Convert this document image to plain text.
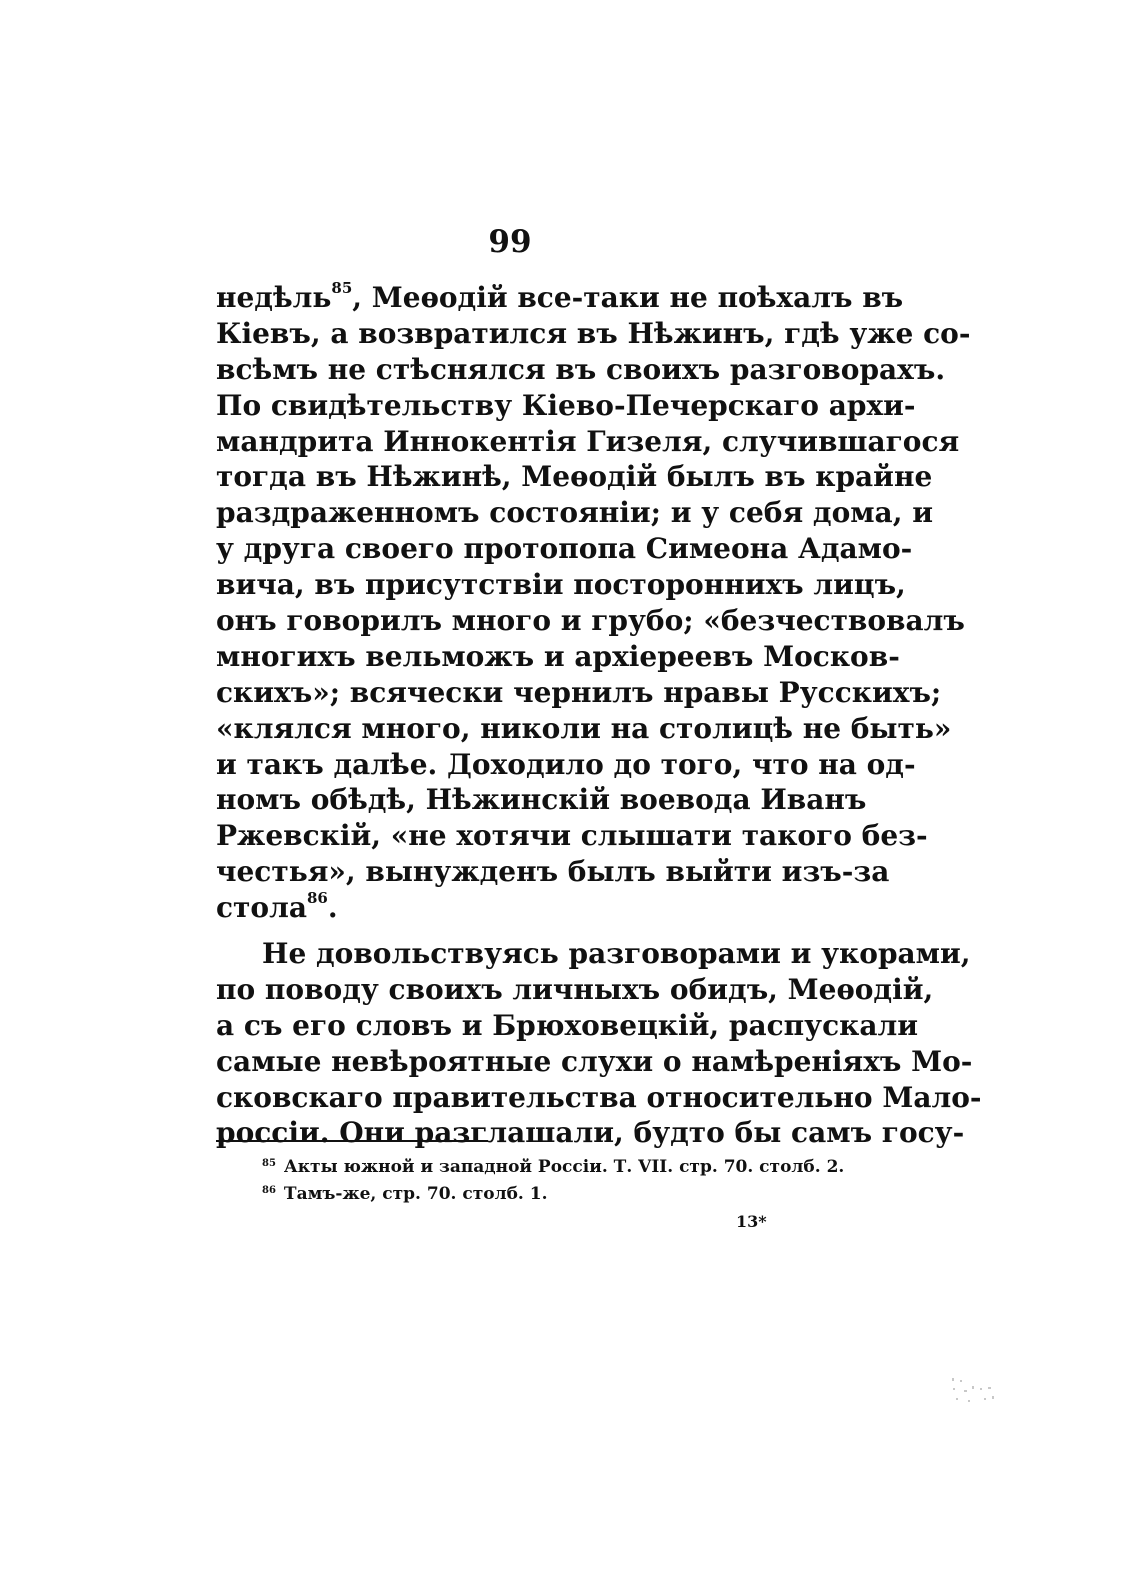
99
недѣль$^{85}$, Меѳодій все-таки не поѣхалъ въ
Кіевъ, а возвратился въ Нѣжинъ, гдѣ уже со-
всѣмъ не стѣснялся въ своихъ разговорахъ.
По свидѣтельству Кіево-Печерскаго архи-
мандрита Иннокентія Гизеля, случившагося
тогда въ Нѣжинѣ, Меѳодій былъ въ крайне
раздраженномъ состояніи; и у себя дома, и
у друга своего протопопа Симеона Адамо-
вича, въ присутствіи постороннихъ лицъ,
онъ говорилъ много и грубо; «безчествовалъ
многихъ вельможъ и архіереевъ Москов-
скихъ»; всячески чернилъ нравы Русскихъ;
«клялся много, николи на столицѣ не быть»
и такъ далѣе. Доходило до того, что на од-
номъ обѣдѣ, Нѣжинскій воевода Иванъ
Ржевскій, «не хотячи слышати такого без-
честья», вынужденъ былъ выйти изъ-за
стола$^{86}$.
Не довольствуясь разговорами и укорами,
по поводу своихъ личныхъ обидъ, Меѳодій,
а съ его словъ и Брюховецкій, распускали
самые невѣроятные слухи о намѣреніяхъ Мо-
сковскаго правительства относительно Мало-
россіи. Они разглашали, будто бы самъ госу-
$^{85}$ Акты южной и западной Россіи. Т. VII. стр. 70. столб. 2.
$^{86}$ Тамъ-же, стр. 70. столб. 1.
13*
